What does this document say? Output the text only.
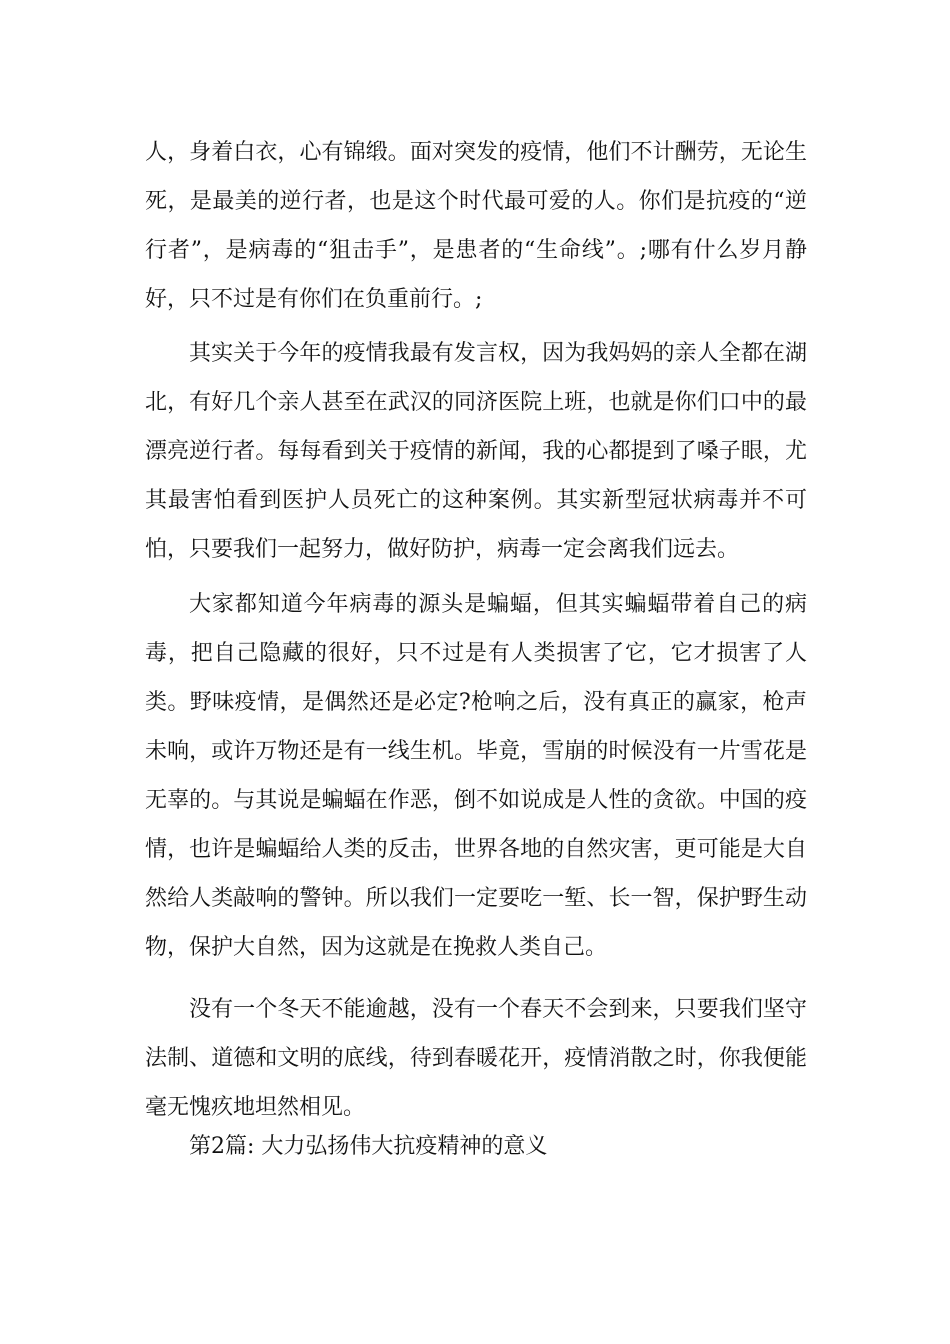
人，身着白衣，心有锦缎。面对突发的疫情，他们不计酬劳，无论生死，是最美的逆行者，也是这个时代最可爱的人。你们是抗疫的“逆行者”，是病毒的“狙击手”，是患者的“生命线”。;哪有什么岁月静好，只不过是有你们在负重前行。;

其实关于今年的疫情我最有发言权，因为我妈妈的亲人全都在湖北，有好几个亲人甚至在武汉的同济医院上班，也就是你们口中的最漂亮逆行者。每每看到关于疫情的新闻，我的心都提到了嗓子眼，尤其最害怕看到医护人员死亡的这种案例。其实新型冠状病毒并不可怕，只要我们一起努力，做好防护，病毒一定会离我们远去。

大家都知道今年病毒的源头是蝙蝠，但其实蝙蝠带着自己的病毒，把自己隐藏的很好，只不过是有人类损害了它，它才损害了人类。野味疫情，是偶然还是必定?枪响之后，没有真正的赢家，枪声未响，或许万物还是有一线生机。毕竟，雪崩的时候没有一片雪花是无辜的。与其说是蝙蝠在作恶，倒不如说成是人性的贪欲。中国的疫情，也许是蝙蝠给人类的反击，世界各地的自然灾害，更可能是大自然给人类敲响的警钟。所以我们一定要吃一堑、长一智，保护野生动物，保护大自然，因为这就是在挽救人类自己。

没有一个冬天不能逾越，没有一个春天不会到来，只要我们坚守法制、道德和文明的底线，待到春暖花开，疫情消散之时，你我便能毫无愧疚地坦然相见。

第2篇: 大力弘扬伟大抗疫精神的意义
